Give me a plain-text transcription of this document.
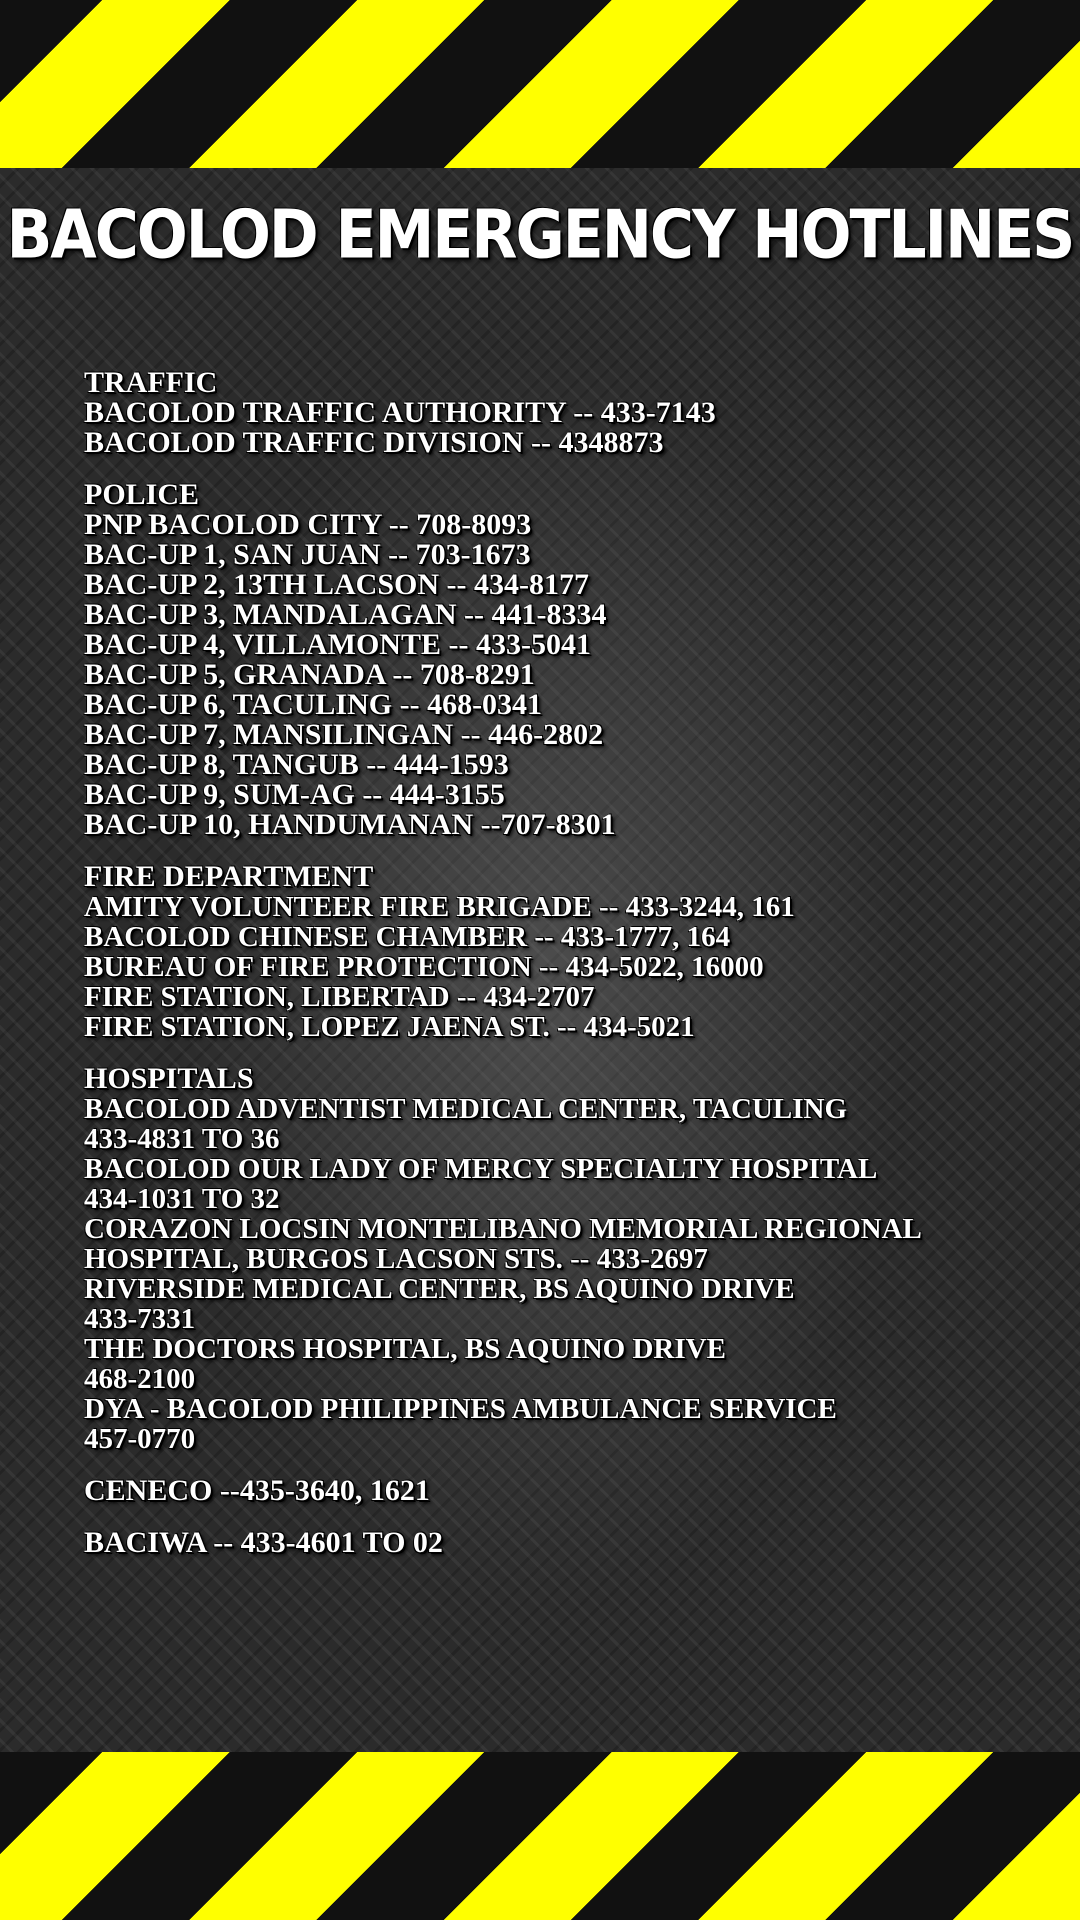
BACOLOD EMERGENCY HOTLINES
TRAFFIC
BACOLOD TRAFFIC AUTHORITY -- 433-7143
BACOLOD TRAFFIC DIVISION -- 4348873
POLICE
PNP BACOLOD CITY -- 708-8093
BAC-UP 1, SAN JUAN -- 703-1673
BAC-UP 2, 13TH LACSON -- 434-8177
BAC-UP 3, MANDALAGAN -- 441-8334
BAC-UP 4, VILLAMONTE -- 433-5041
BAC-UP 5, GRANADA -- 708-8291
BAC-UP 6, TACULING -- 468-0341
BAC-UP 7, MANSILINGAN -- 446-2802
BAC-UP 8, TANGUB -- 444-1593
BAC-UP 9, SUM-AG -- 444-3155
BAC-UP 10, HANDUMANAN --707-8301
FIRE DEPARTMENT
AMITY VOLUNTEER FIRE BRIGADE -- 433-3244, 161
BACOLOD CHINESE CHAMBER -- 433-1777, 164
BUREAU OF FIRE PROTECTION -- 434-5022, 16000
FIRE STATION, LIBERTAD -- 434-2707
FIRE STATION, LOPEZ JAENA ST. -- 434-5021
HOSPITALS
BACOLOD ADVENTIST MEDICAL CENTER, TACULING
433-4831 TO 36
BACOLOD OUR LADY OF MERCY SPECIALTY HOSPITAL
434-1031 TO 32
CORAZON LOCSIN MONTELIBANO MEMORIAL REGIONAL
HOSPITAL, BURGOS LACSON STS. -- 433-2697
RIVERSIDE MEDICAL CENTER, BS AQUINO DRIVE
433-7331
THE DOCTORS HOSPITAL, BS AQUINO DRIVE
468-2100
DYA - BACOLOD PHILIPPINES AMBULANCE SERVICE
457-0770
CENECO --435-3640, 1621
BACIWA -- 433-4601 TO 02
